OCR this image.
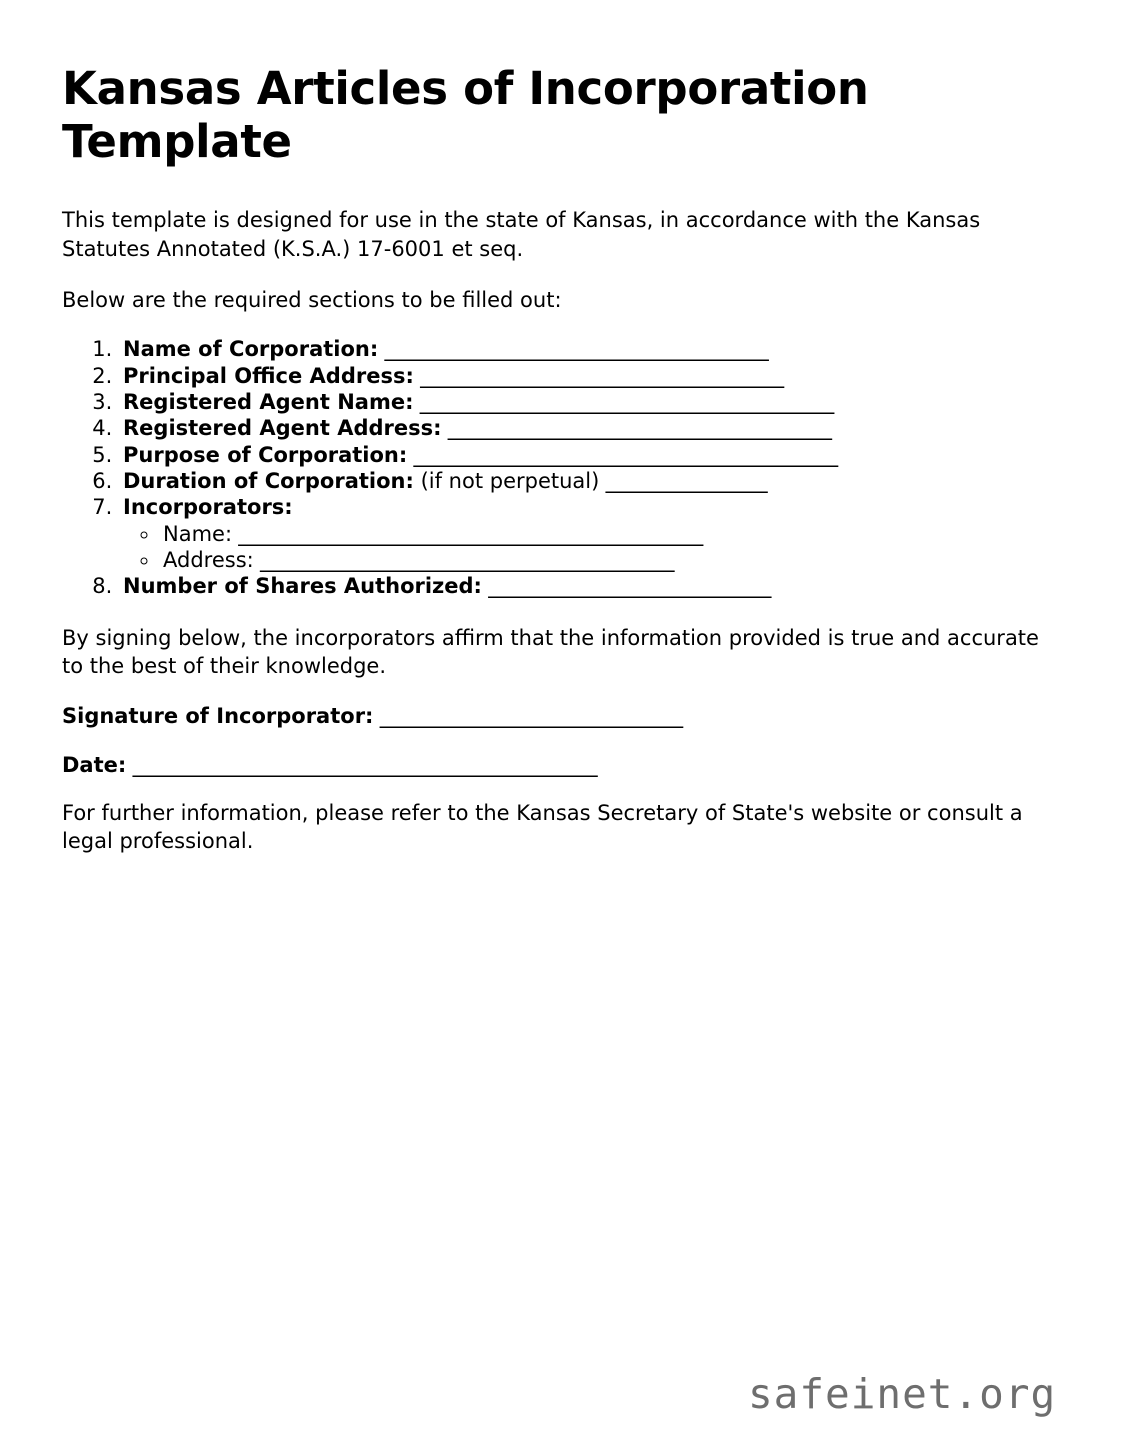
Kansas Articles of Incorporation Template

This template is designed for use in the state of Kansas, in accordance with the Kansas Statutes Annotated (K.S.A.) 17-6001 et seq.

Below are the required sections to be filled out:

1. Name of Corporation: ______________________________________
2. Principal Office Address: ____________________________________
3. Registered Agent Name: _________________________________________
4. Registered Agent Address: ______________________________________
5. Purpose of Corporation: __________________________________________
6. Duration of Corporation: (if not perpetual) ________________
7. Incorporators:
◦ Name: ______________________________________________
◦ Address: _________________________________________
8. Number of Shares Authorized: ____________________________

By signing below, the incorporators affirm that the information provided is true and accurate to the best of their knowledge.

Signature of Incorporator: ______________________________

Date: ______________________________________________

For further information, please refer to the Kansas Secretary of State's website or consult a legal professional.

safeinet.org
